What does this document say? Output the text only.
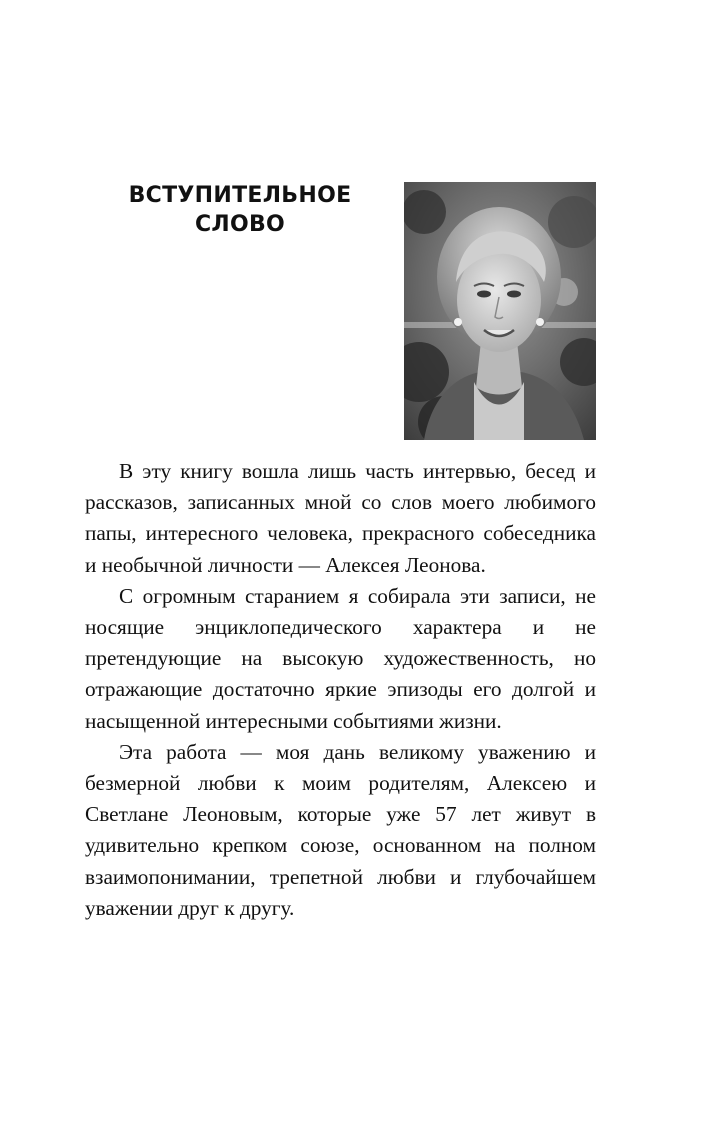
ВСТУПИТЕЛЬНОЕ
СЛОВО

В эту книгу вошла лишь часть интервью, бесед и рассказов, записанных мной со слов моего любимого папы, интересного человека, прекрасного собеседника и необычной личности — Алексея Леонова.

С огромным старанием я собирала эти записи, не носящие энциклопедического характера и не претендующие на высокую художественность, но отражающие достаточно яркие эпизоды его долгой и насыщенной интересными событиями жизни.

Эта работа — моя дань великому уважению и безмерной любви к моим родителям, Алексею и Светлане Леоновым, которые уже 57 лет живут в удивительно крепком союзе, основанном на полном взаимопонимании, трепетной любви и глубочайшем уважении друг к другу.
